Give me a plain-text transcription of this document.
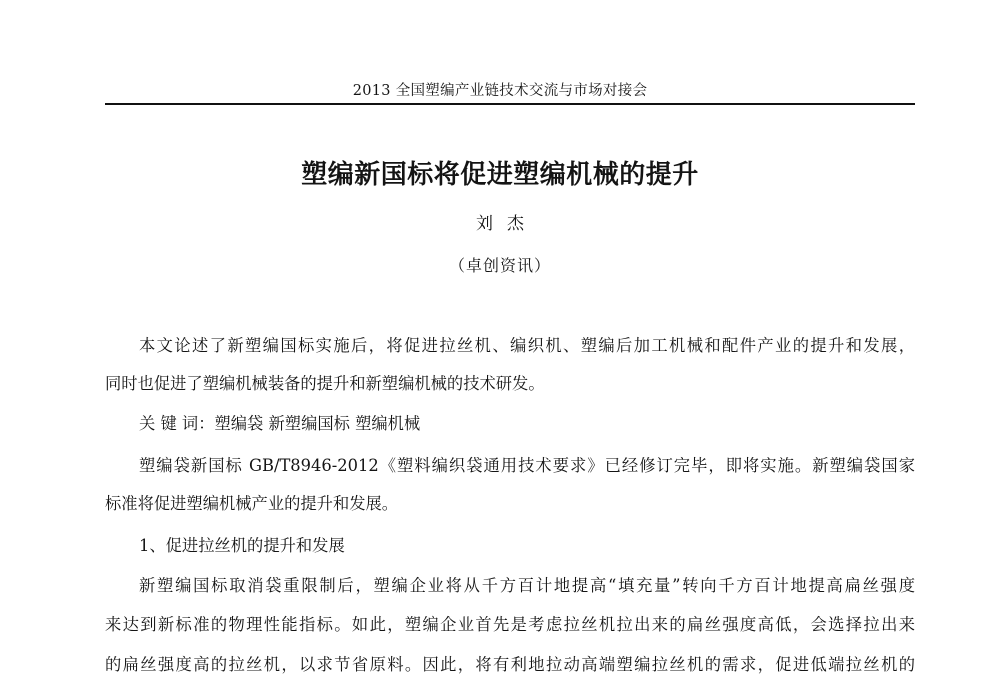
2013 全国塑编产业链技术交流与市场对接会
塑编新国标将促进塑编机械的提升
刘杰
（卓创资讯）
本文论述了新塑编国标实施后，将促进拉丝机、编织机、塑编后加工机械和配件产业的提升和发展，
同时也促进了塑编机械装备的提升和新塑编机械的技术研发。
关 键 词：塑编袋 新塑编国标 塑编机械
塑编袋新国标 GB/T8946-2012《塑料编织袋通用技术要求》已经修订完毕，即将实施。新塑编袋国家
标准将促进塑编机械产业的提升和发展。
1、促进拉丝机的提升和发展
新塑编国标取消袋重限制后，塑编企业将从千方百计地提高“填充量”转向千方百计地提高扁丝强度
来达到新标准的物理性能指标。如此，塑编企业首先是考虑拉丝机拉出来的扁丝强度高低，会选择拉出来
的扁丝强度高的拉丝机，以求节省原料。因此，将有利地拉动高端塑编拉丝机的需求，促进低端拉丝机的
